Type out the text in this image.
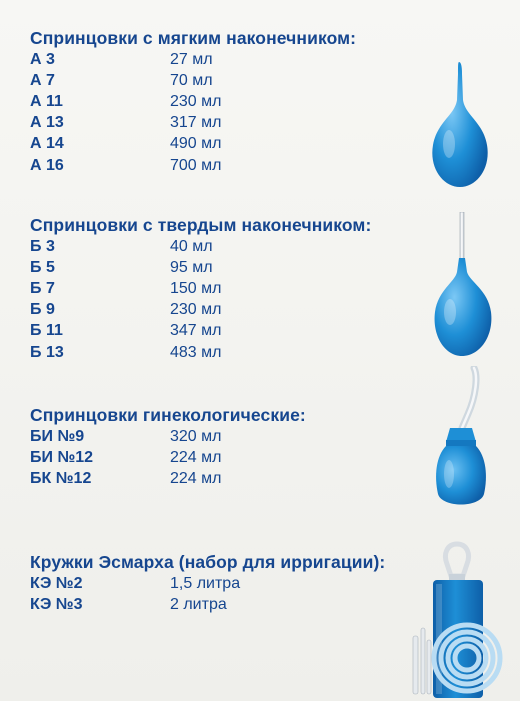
Спринцовки с мягким наконечником:
А 3	27 мл
А 7	70 мл
А 11	230 мл
А 13	317 мл
А 14	490 мл
А 16	700 мл
Спринцовки с твердым наконечником:
Б 3	40 мл
Б 5	95 мл
Б 7	150 мл
Б 9	230 мл
Б 11	347 мл
Б 13	483 мл
Спринцовки гинекологические:
БИ №9	320 мл
БИ №12	224 мл
БК №12	224 мл
Кружки Эсмарха (набор для ирригации):
КЭ №2	1,5 литра
КЭ №3	2 литра
